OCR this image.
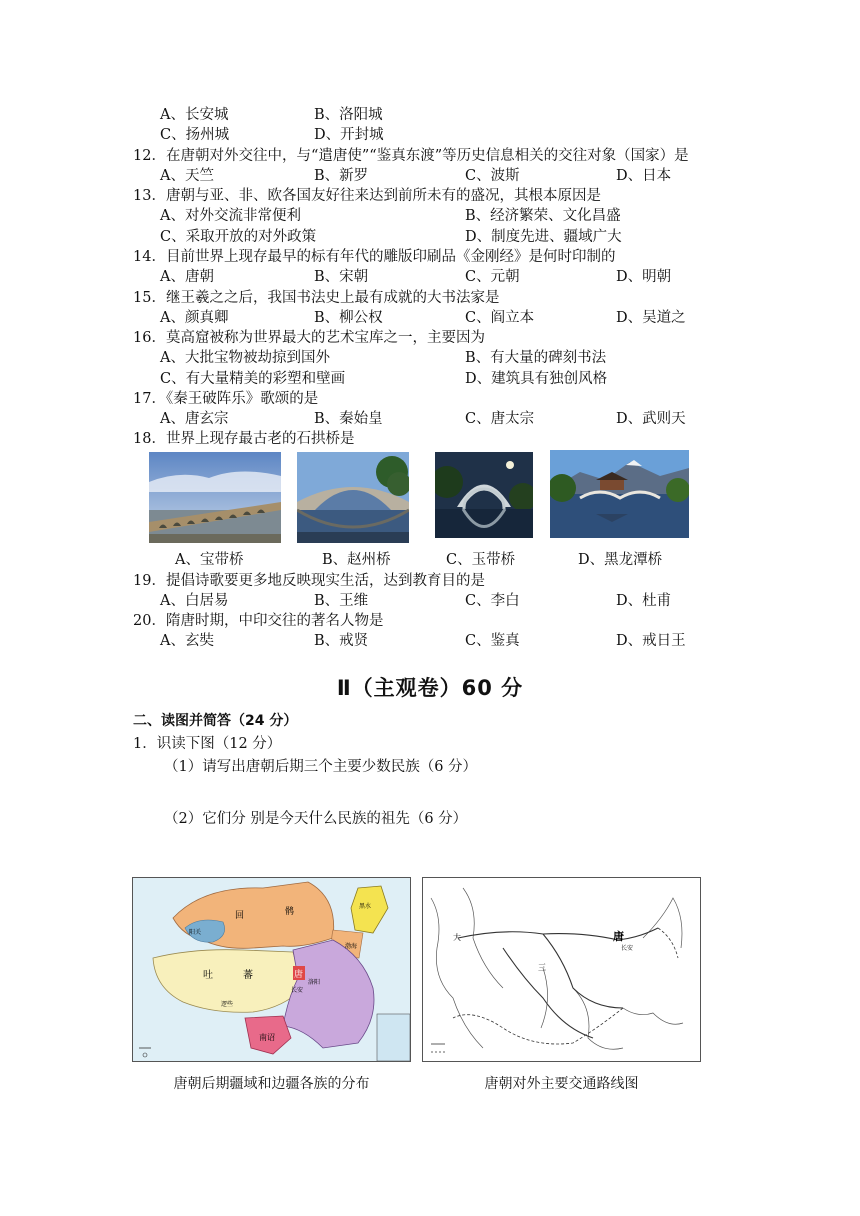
A、长安城	B、洛阳城
C、扬州城	D、开封城
12．在唐朝对外交往中，与“遣唐使”“鉴真东渡”等历史信息相关的交往对象（国家）是
A、天竺	B、新罗	C、波斯	D、日本
13．唐朝与亚、非、欧各国友好往来达到前所未有的盛况，其根本原因是
A、对外交流非常便利	B、经济繁荣、文化昌盛
C、采取开放的对外政策	D、制度先进、疆域广大
14．目前世界上现存最早的标有年代的雕版印刷品《金刚经》是何时印制的
A、唐朝	B、宋朝	C、元朝	D、明朝
15．继王羲之之后，我国书法史上最有成就的大书法家是
A、颜真卿	B、柳公权	C、阎立本	D、吴道之
16．莫高窟被称为世界最大的艺术宝库之一，主要因为
A、大批宝物被劫掠到国外	B、有大量的碑刻书法
C、有大量精美的彩塑和壁画	D、建筑具有独创风格
17．《秦王破阵乐》歌颂的是
A、唐玄宗	B、秦始皇	C、唐太宗	D、武则天
18．世界上现存最古老的石拱桥是
A、宝带桥	B、赵州桥	C、玉带桥	D、黑龙潭桥
19．提倡诗歌要更多地反映现实生活，达到教育目的是
A、白居易	B、王维	C、李白	D、杜甫
20．隋唐时期，中印交往的著名人物是
A、玄奘	B、戒贤	C、鉴真	D、戒日王
Ⅱ（主观卷）60 分
二、读图并简答（24 分）
1．识读下图（12 分）
（1）请写出唐朝后期三个主要少数民族（6 分）
（2）它们分 别是今天什么民族的祖先（6 分）
回	鹘
吐	蕃	唐
长安
洛阳
南诏
黑水
渤海
逻些
阳关	唐
长安
大
三
唐朝后期疆域和边疆各族的分布	唐朝对外主要交通路线图
